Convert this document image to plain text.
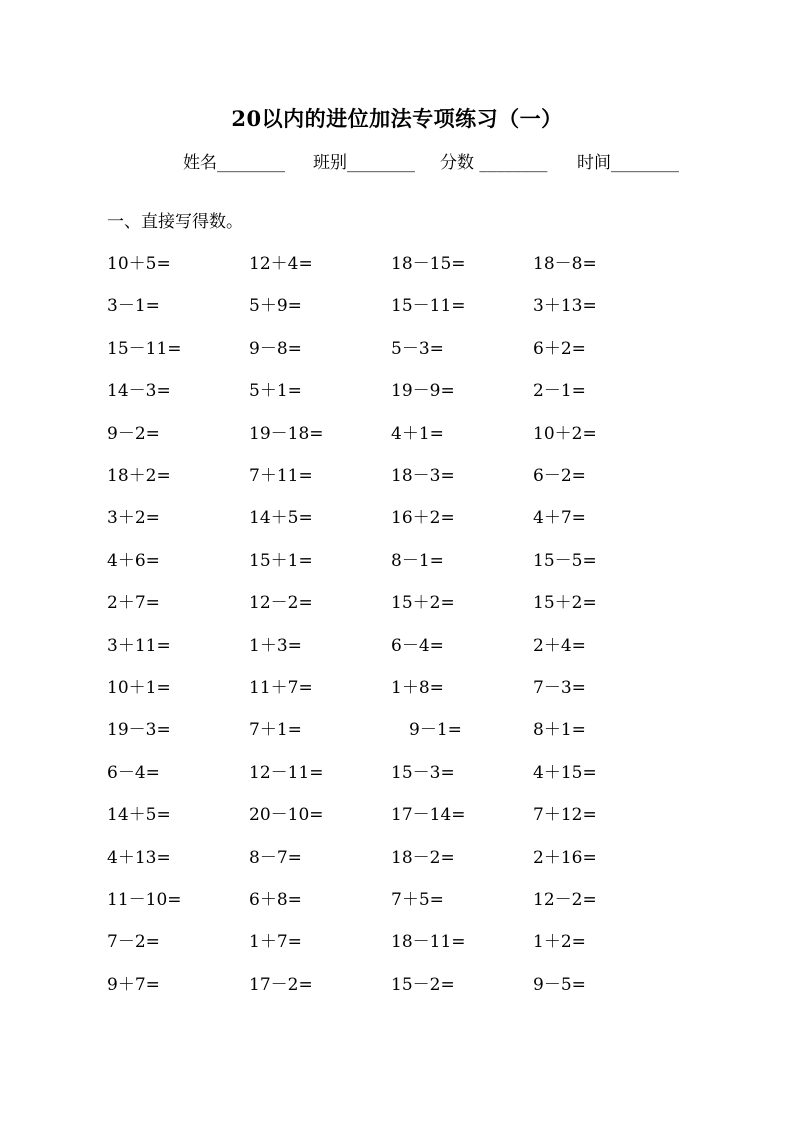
20以内的进位加法专项练习（一）
姓名________ 班别________ 分数 ________ 时间________
一、直接写得数。
10＋5=	12＋4=	18－15=	18－8=
3－1=	5＋9=	15－11=	3＋13=
15－11=	9－8=	5－3=	6＋2=
14－3=	5＋1=	19－9=	2－1=
9－2=	19－18=	4＋1=	10＋2=
18＋2=	7＋11=	18－3=	6－2=
3＋2=	14＋5=	16＋2=	4＋7=
4＋6=	15＋1=	8－1=	15－5=
2＋7=	12－2=	15＋2=	15＋2=
3＋11=	1＋3=	6－4=	2＋4=
10＋1=	11＋7=	1＋8=	7－3=
19－3=	7＋1=	9－1=	8＋1=
6－4=	12－11=	15－3=	4＋15=
14＋5=	20－10=	17－14=	7＋12=
4＋13=	8－7=	18－2=	2＋16=
11－10=	6＋8=	7＋5=	12－2=
7－2=	1＋7=	18－11=	1＋2=
9＋7=	17－2=	15－2=	9－5=
